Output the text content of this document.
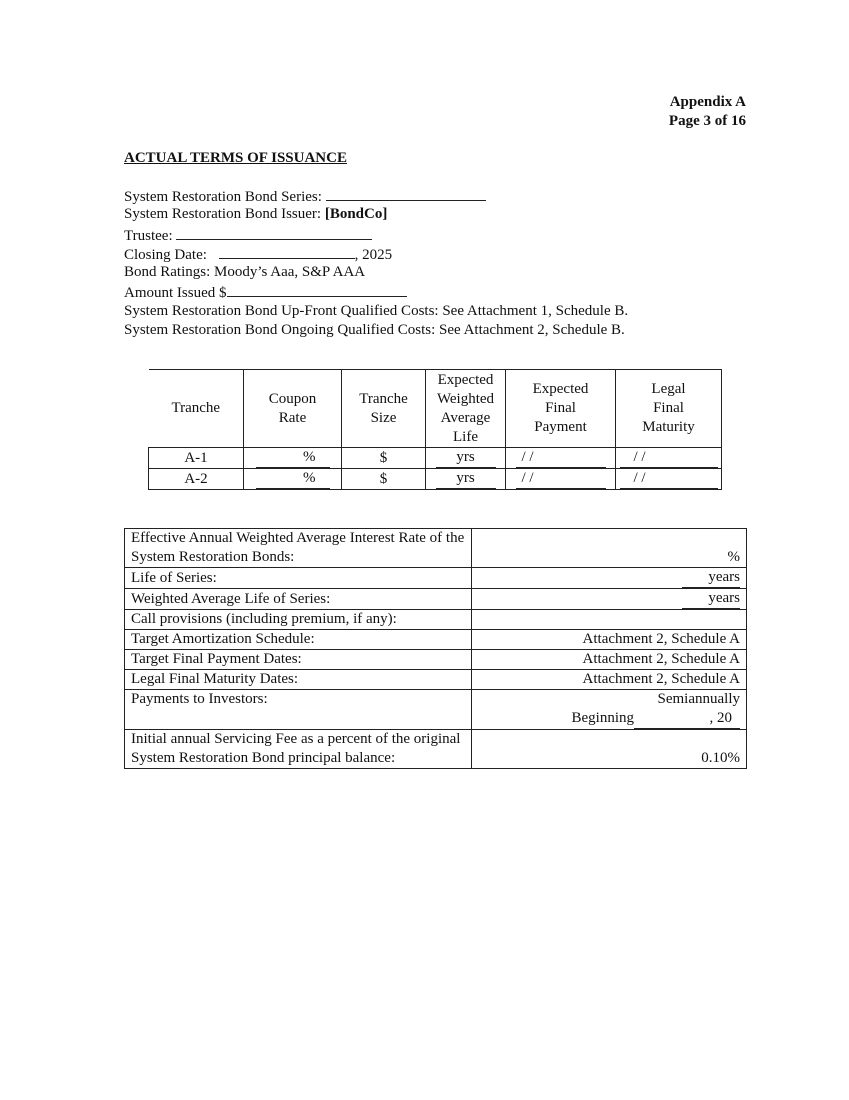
Appendix A
Page 3 of 16
ACTUAL TERMS OF ISSUANCE
System Restoration Bond Series:
System Restoration Bond Issuer: [BondCo]
Trustee:
Closing Date:	, 2025
Bond Ratings: Moody’s Aaa, S&P AAA
Amount Issued $
System Restoration Bond Up-Front Qualified Costs: See Attachment 1, Schedule B.
System Restoration Bond Ongoing Qualified Costs: See Attachment 2, Schedule B.
Tranche	Coupon Rate	Tranche Size	Expected Weighted Average Life	Expected Final Payment	Legal Final Maturity

A-1	%	$	yrs	/ /	/ /
A-2	%	$	yrs	/ /	/ /
Effective Annual Weighted Average Interest Rate of the System Restoration Bonds:	%
Life of Series:	years
Weighted Average Life of Series:	years
Call provisions (including premium, if any):	
Target Amortization Schedule:	Attachment 2, Schedule A
Target Final Payment Dates:	Attachment 2, Schedule A
Legal Final Maturity Dates:	Attachment 2, Schedule A
Payments to Investors:	Semiannually
Beginning , 20

Initial annual Servicing Fee as a percent of the original System Restoration Bond principal balance:	0.10%
